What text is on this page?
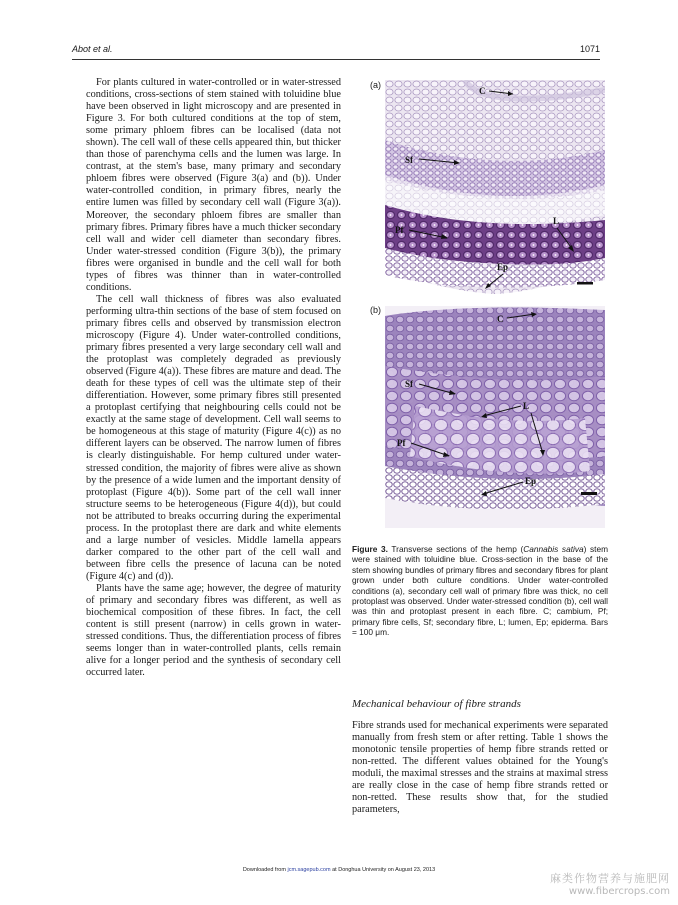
Abot et al.	1071

For plants cultured in water-controlled or in water-stressed conditions, cross-sections of stem stained with toluidine blue have been observed in light microscopy and are presented in Figure 3. For both cultured conditions at the top of stem, some primary phloem fibres can be localised (data not shown). The cell wall of these cells appeared thin, but thicker than those of parenchyma cells and the lumen was large. In contrast, at the stem's base, many primary and secondary phloem fibres were observed (Figure 3(a) and (b)). Under water-controlled condition, in primary fibres, nearly the entire lumen was filled by secondary cell wall (Figure 3(a)). Moreover, the secondary phloem fibres are smaller than primary fibres. Primary fibres have a much thicker secondary cell wall and wider cell diameter than secondary fibres. Under water-stressed condition (Figure 3(b)), the primary fibres were organised in bundle and the cell wall for both types of fibres was thinner than in water-controlled conditions.

The cell wall thickness of fibres was also evaluated performing ultra-thin sections of the base of stem focused on primary fibres cells and observed by transmission electron microscopy (Figure 4). Under water-controlled conditions, primary fibres presented a very large secondary cell wall and the protoplast was completely degraded as previously observed (Figure 4(a)). These fibres are mature and dead. The death for these types of cell was the ultimate step of their differentiation. However, some primary fibres still presented a protoplast certifying that neighbouring cells could not be exactly at the same stage of development. Cell wall seems to be homogeneous at this stage of maturity (Figure 4(c)) as no different layers can be observed. The narrow lumen of fibres is clearly distinguishable. For hemp cultured under water-stressed condition, the majority of fibres were alive as shown by the presence of a wide lumen and the important density of protoplast (Figure 4(b)). Some part of the cell wall inner structure seems to be heterogeneous (Figure 4(d)), but could not be attributed to breaks occurring during the experimental process. In the protoplast there are dark and white elements and a large number of vesicles. Middle lamella appears darker compared to the other part of the cell wall and between fibre cells the presence of lacuna can be noted (Figure 4(c) and (d)).

Plants have the same age; however, the degree of maturity of primary and secondary fibres was different, as well as biochemical composition of these fibres. In fact, the cell content is still present (narrow) in cells grown in water-stressed conditions. Thus, the differentiation process of fibres seems longer than in water-controlled plants, cells remain alive for a longer period and the synthesis of secondary cell occurred later.

(a)
C
Sf
Pf
L
Ep
(b)
C
Sf
L
Pf
Ep
Figure 3. Transverse sections of the hemp (Cannabis sativa) stem were stained with toluidine blue. Cross-section in the base of the stem showing bundles of primary fibres and secondary fibres for plant grown under both culture conditions. Under water-controlled conditions (a), secondary cell wall of primary fibre was thick, no cell protoplast was observed. Under water-stressed condition (b), cell wall was thin and protoplast present in each fibre. C; cambium, Pf; primary fibre cells, Sf; secondary fibre, L; lumen, Ep; epiderma. Bars = 100 μm.
Mechanical behaviour of fibre strands

Fibre strands used for mechanical experiments were separated manually from fresh stem or after retting. Table 1 shows the monotonic tensile properties of hemp fibre strands retted or non-retted. The different values obtained for the Young's moduli, the maximal stresses and the strains at maximal stress are really close in the case of hemp fibre strands retted or non-retted. These results show that, for the studied parameters,

Downloaded from jcm.sagepub.com at Donghua University on August 23, 2013
麻类作物营养与施肥网
www.fibercrops.com
